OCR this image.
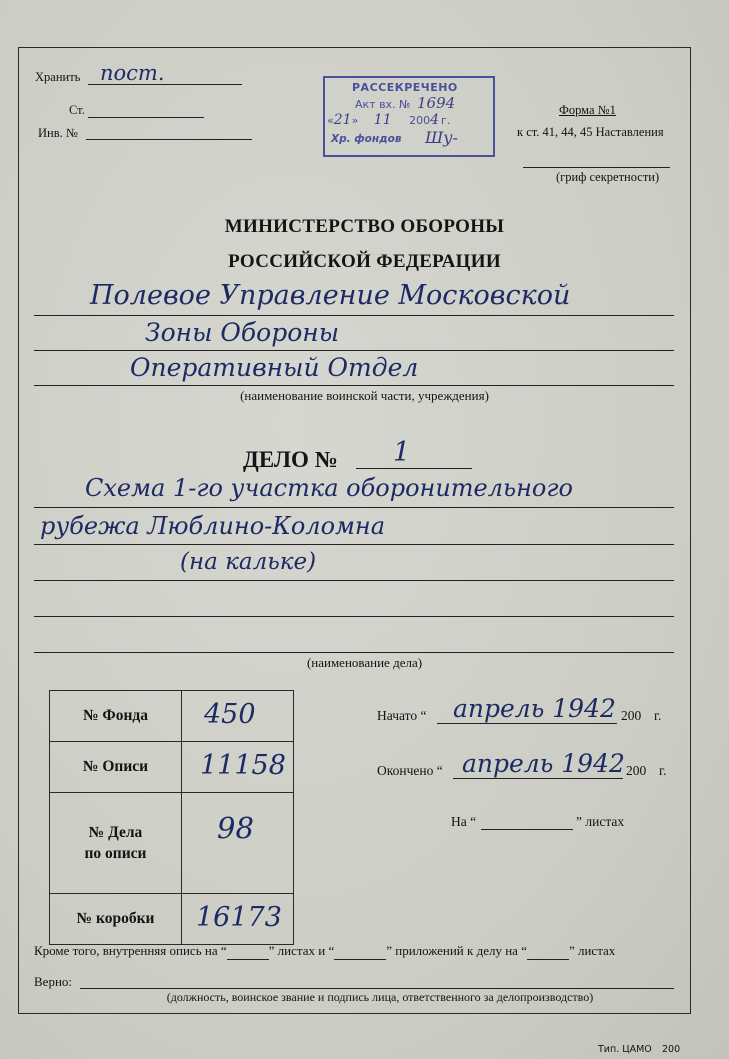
Хранить пост.
Ст.
Инв. №
РАССЕКРЕЧЕНО
Акт вх. № 1694
«21» 11 2004 г.
Хр. фондов Шу-
Форма №1
к ст. 41, 44, 45 Наставления
(гриф секретности)
МИНИСТЕРСТВО ОБОРОНЫ
РОССИЙСКОЙ ФЕДЕРАЦИИ
Полевое Управление Московской
Зоны Обороны
Оперативный Отдел
(наименование воинской части, учреждения)
ДЕЛО № 1
Схема 1-го участка оборонительного
рубежа Люблино-Коломна
(на кальке)
(наименование дела)
№ Фонда	450

№ Описи	11158

№ Дела
по описи	98

№ коробки	16173
Начато “ апрель 1942 200 г.
Окончено “ апрель 1942 200 г.
На “	” листах
Кроме того, внутренняя опись на “	” листах и “	” приложений к делу на “	” листах
Верно:
(должность, воинское звание и подпись лица, ответственного за делопроизводство)
Тип. ЦАМО 200
